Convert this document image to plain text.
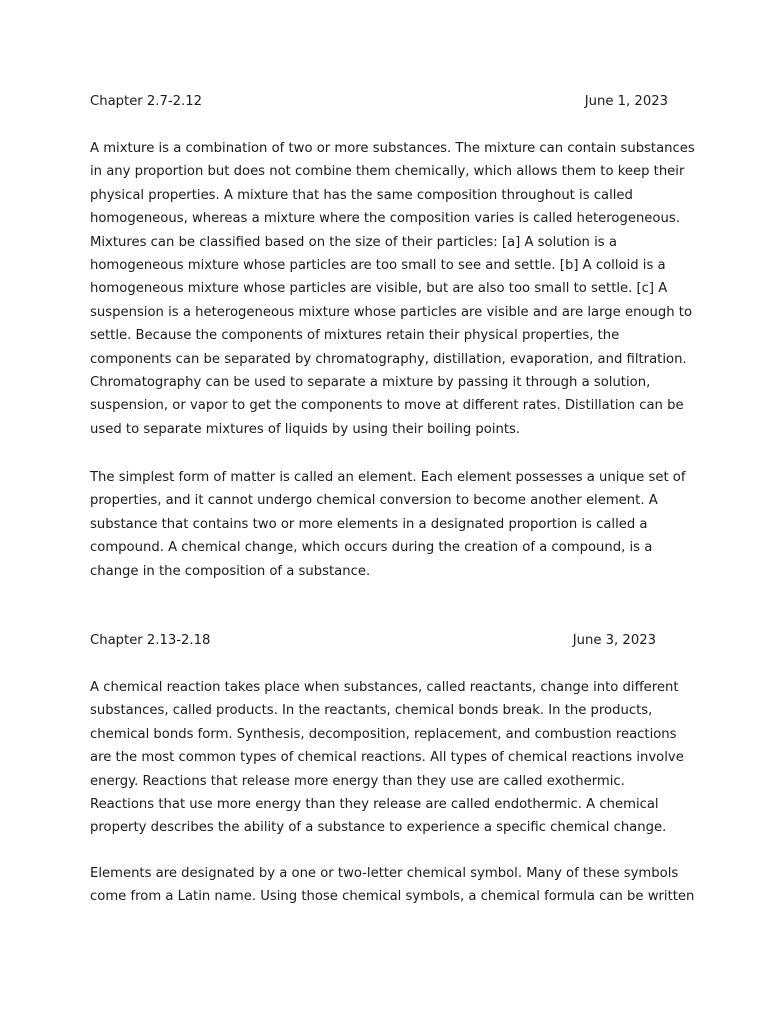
Chapter 2.7-2.12	June 1, 2023

A mixture is a combination of two or more substances. The mixture can contain substances
in any proportion but does not combine them chemically, which allows them to keep their
physical properties. A mixture that has the same composition throughout is called
homogeneous, whereas a mixture where the composition varies is called heterogeneous.
Mixtures can be classified based on the size of their particles: [a] A solution is a
homogeneous mixture whose particles are too small to see and settle. [b] A colloid is a
homogeneous mixture whose particles are visible, but are also too small to settle. [c] A
suspension is a heterogeneous mixture whose particles are visible and are large enough to
settle. Because the components of mixtures retain their physical properties, the
components can be separated by chromatography, distillation, evaporation, and filtration.
Chromatography can be used to separate a mixture by passing it through a solution,
suspension, or vapor to get the components to move at different rates. Distillation can be
used to separate mixtures of liquids by using their boiling points.

The simplest form of matter is called an element. Each element possesses a unique set of
properties, and it cannot undergo chemical conversion to become another element. A
substance that contains two or more elements in a designated proportion is called a
compound. A chemical change, which occurs during the creation of a compound, is a
change in the composition of a substance.

Chapter 2.13-2.18	June 3, 2023

A chemical reaction takes place when substances, called reactants, change into different
substances, called products. In the reactants, chemical bonds break. In the products,
chemical bonds form. Synthesis, decomposition, replacement, and combustion reactions
are the most common types of chemical reactions. All types of chemical reactions involve
energy. Reactions that release more energy than they use are called exothermic.
Reactions that use more energy than they release are called endothermic. A chemical
property describes the ability of a substance to experience a specific chemical change.

Elements are designated by a one or two-letter chemical symbol. Many of these symbols
come from a Latin name. Using those chemical symbols, a chemical formula can be written
